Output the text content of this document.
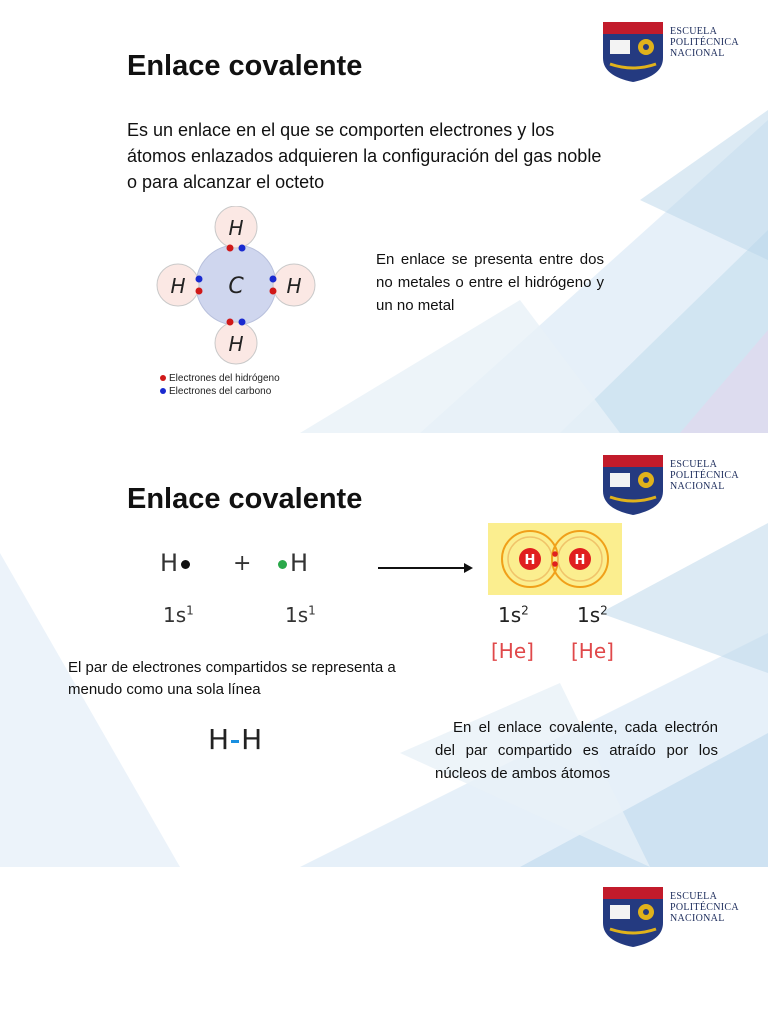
ESCUELA
POLITÉCNICA
NACIONAL
Enlace covalente
Es un enlace en el que se comporten electrones y los átomos enlazados adquieren la configuración del gas noble o para alcanzar el octeto
C
H
H
H	H
Electrones del hidrógeno
Electrones del carbono
En enlace se presenta entre dos no metales o entre el hidrógeno y un no metal
ESCUELA
POLITÉCNICA
NACIONAL
Enlace covalente
H	+	H
$1s^1$	$1s^1$
H	H
$1s^2$ $1s^2$
[He] [He]
El par de electrones compartidos se representa a menudo como una sola línea
H H	En el enlace covalente, cada electrón del par compartido es atraído por los núcleos de ambos átomos
ESCUELA
POLITÉCNICA
NACIONAL
